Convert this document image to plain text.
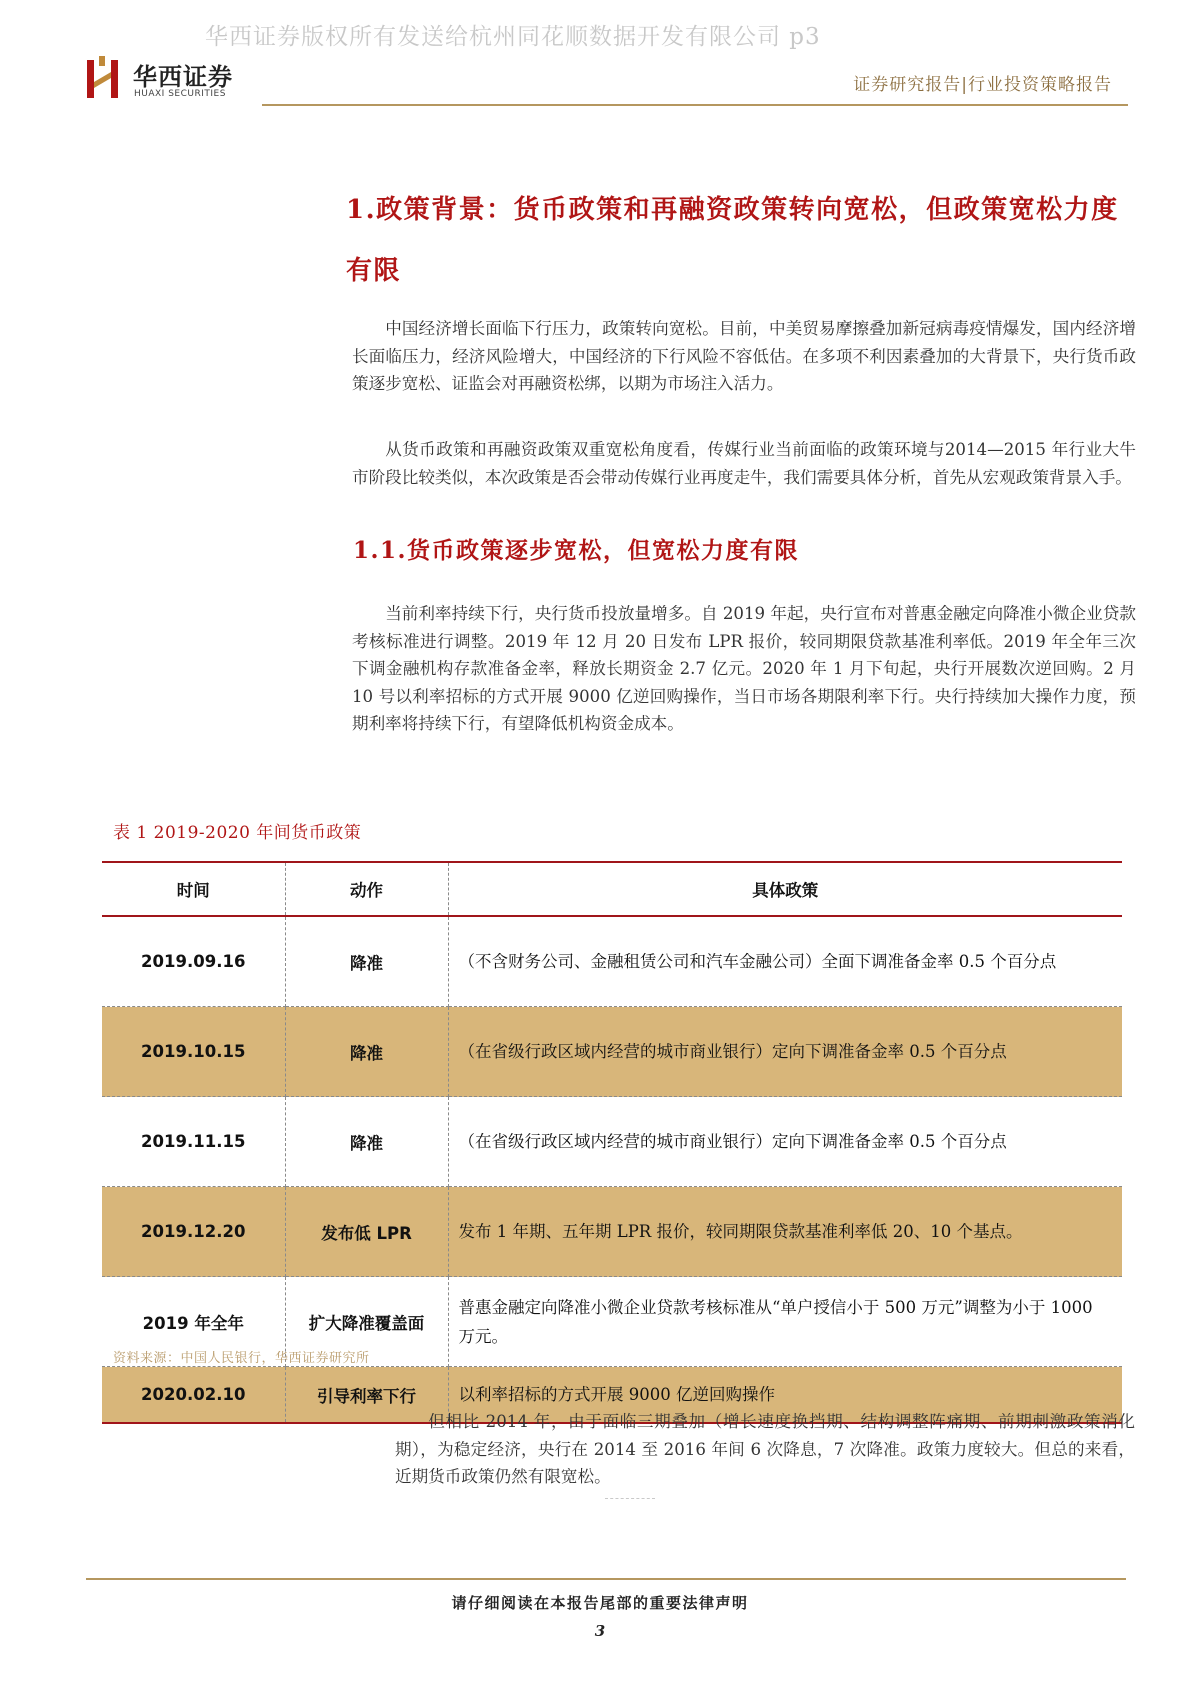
华西证券版权所有发送给杭州同花顺数据开发有限公司 p3
华西证券
HUAXI SECURITIES	证券研究报告|行业投资策略报告
1.政策背景：货币政策和再融资政策转向宽松，但政策宽松力度有限

中国经济增长面临下行压力，政策转向宽松。目前，中美贸易摩擦叠加新冠病毒疫情爆发，国内经济增长面临压力，经济风险增大，中国经济的下行风险不容低估。在多项不利因素叠加的大背景下，央行货币政策逐步宽松、证监会对再融资松绑，以期为市场注入活力。

从货币政策和再融资政策双重宽松角度看，传媒行业当前面临的政策环境与2014—2015 年行业大牛市阶段比较类似，本次政策是否会带动传媒行业再度走牛，我们需要具体分析，首先从宏观政策背景入手。

1.1.货币政策逐步宽松，但宽松力度有限

当前利率持续下行，央行货币投放量增多。自 2019 年起，央行宣布对普惠金融定向降准小微企业贷款考核标准进行调整。2019 年 12 月 20 日发布 LPR 报价，较同期限贷款基准利率低。2019 年全年三次下调金融机构存款准备金率，释放长期资金 2.7 亿元。2020 年 1 月下旬起，央行开展数次逆回购。2 月 10 号以利率招标的方式开展 9000 亿逆回购操作，当日市场各期限利率下行。央行持续加大操作力度，预期利率将持续下行，有望降低机构资金成本。

表 1 2019-2020 年间货币政策
时间	动作	具体政策
2019.09.16	降准	（不含财务公司、金融租赁公司和汽车金融公司）全面下调准备金率 0.5 个百分点
2019.10.15	降准	（在省级行政区域内经营的城市商业银行）定向下调准备金率 0.5 个百分点
2019.11.15	降准	（在省级行政区域内经营的城市商业银行）定向下调准备金率 0.5 个百分点
2019.12.20	发布低 LPR	发布 1 年期、五年期 LPR 报价，较同期限贷款基准利率低 20、10 个基点。
2019 年全年	扩大降准覆盖面	普惠金融定向降准小微企业贷款考核标准从“单户授信小于 500 万元”调整为小于 1000 万元。
2020.02.10	引导利率下行	以利率招标的方式开展 9000 亿逆回购操作
资料来源：中国人民银行，华西证券研究所

但相比 2014 年，由于面临三期叠加（增长速度换挡期、结构调整阵痛期、前期刺激政策消化期），为稳定经济，央行在 2014 至 2016 年间 6 次降息，7 次降准。政策力度较大。但总的来看，近期货币政策仍然有限宽松。

请仔细阅读在本报告尾部的重要法律声明
3
